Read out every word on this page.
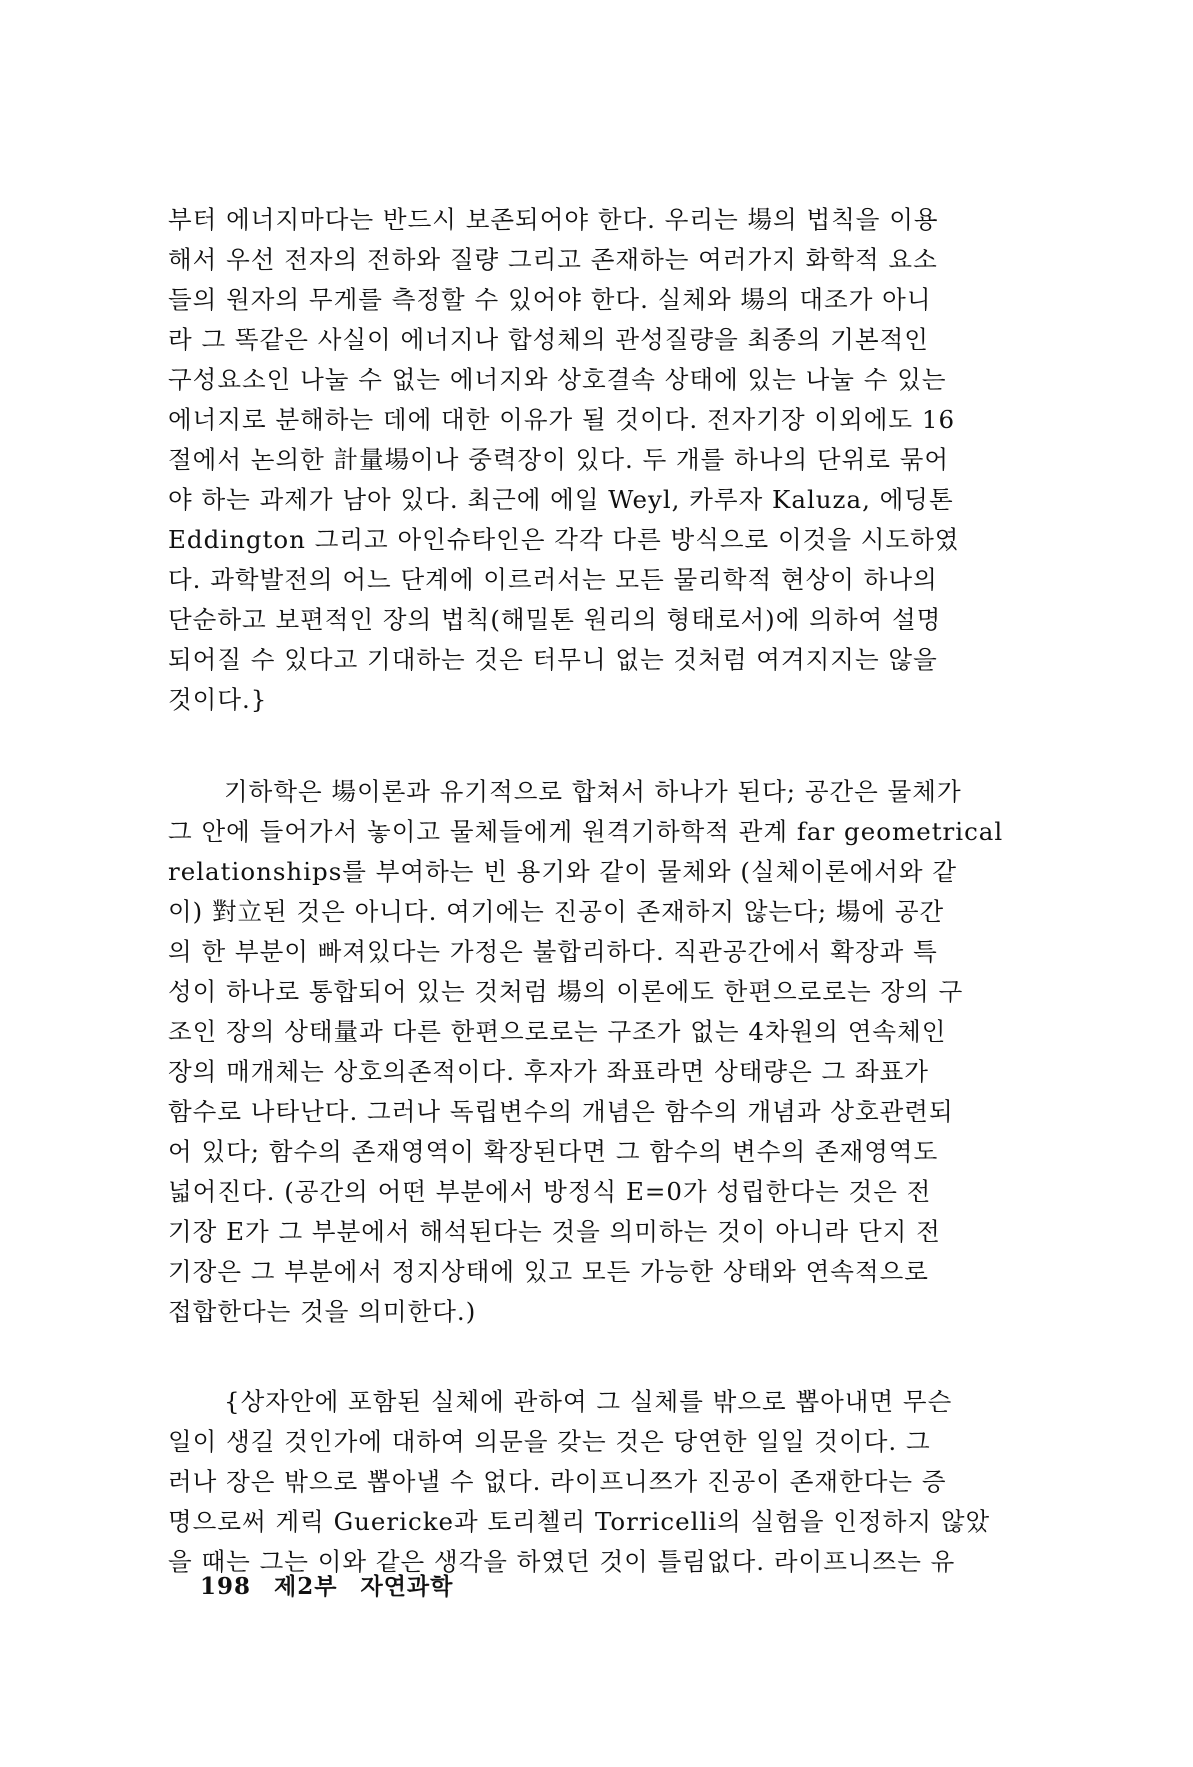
부터 에너지마다는 반드시 보존되어야 한다. 우리는 場의 법칙을 이용
해서 우선 전자의 전하와 질량 그리고 존재하는 여러가지 화학적 요소
들의 원자의 무게를 측정할 수 있어야 한다. 실체와 場의 대조가 아니
라 그 똑같은 사실이 에너지나 합성체의 관성질량을 최종의 기본적인
구성요소인 나눌 수 없는 에너지와 상호결속 상태에 있는 나눌 수 있는
에너지로 분해하는 데에 대한 이유가 될 것이다. 전자기장 이외에도 16
절에서 논의한 計量場이나 중력장이 있다. 두 개를 하나의 단위로 묶어
야 하는 과제가 남아 있다. 최근에 에일 Weyl, 카루자 Kaluza, 에딩톤
Eddington 그리고 아인슈타인은 각각 다른 방식으로 이것을 시도하였
다. 과학발전의 어느 단계에 이르러서는 모든 물리학적 현상이 하나의
단순하고 보편적인 장의 법칙(해밀톤 원리의 형태로서)에 의하여 설명
되어질 수 있다고 기대하는 것은 터무니 없는 것처럼 여겨지지는 않을
것이다.}

기하학은 場이론과 유기적으로 합쳐서 하나가 된다; 공간은 물체가
그 안에 들어가서 놓이고 물체들에게 원격기하학적 관계 far geometrical
relationships를 부여하는 빈 용기와 같이 물체와 (실체이론에서와 같
이) 對立된 것은 아니다. 여기에는 진공이 존재하지 않는다; 場에 공간
의 한 부분이 빠져있다는 가정은 불합리하다. 직관공간에서 확장과 특
성이 하나로 통합되어 있는 것처럼 場의 이론에도 한편으로로는 장의 구
조인 장의 상태量과 다른 한편으로로는 구조가 없는 4차원의 연속체인
장의 매개체는 상호의존적이다. 후자가 좌표라면 상태량은 그 좌표가
함수로 나타난다. 그러나 독립변수의 개념은 함수의 개념과 상호관련되
어 있다; 함수의 존재영역이 확장된다면 그 함수의 변수의 존재영역도
넓어진다. (공간의 어떤 부분에서 방정식 E=0가 성립한다는 것은 전
기장 E가 그 부분에서 해석된다는 것을 의미하는 것이 아니라 단지 전
기장은 그 부분에서 정지상태에 있고 모든 가능한 상태와 연속적으로
접합한다는 것을 의미한다.)

{상자안에 포함된 실체에 관하여 그 실체를 밖으로 뽑아내면 무슨
일이 생길 것인가에 대하여 의문을 갖는 것은 당연한 일일 것이다. 그
러나 장은 밖으로 뽑아낼 수 없다. 라이프니쯔가 진공이 존재한다는 증
명으로써 게릭 Guericke과 토리첼리 Torricelli의 실험을 인정하지 않았
을 때는 그는 이와 같은 생각을 하였던 것이 틀림없다. 라이프니쯔는 유

198 제2부 자연과학
